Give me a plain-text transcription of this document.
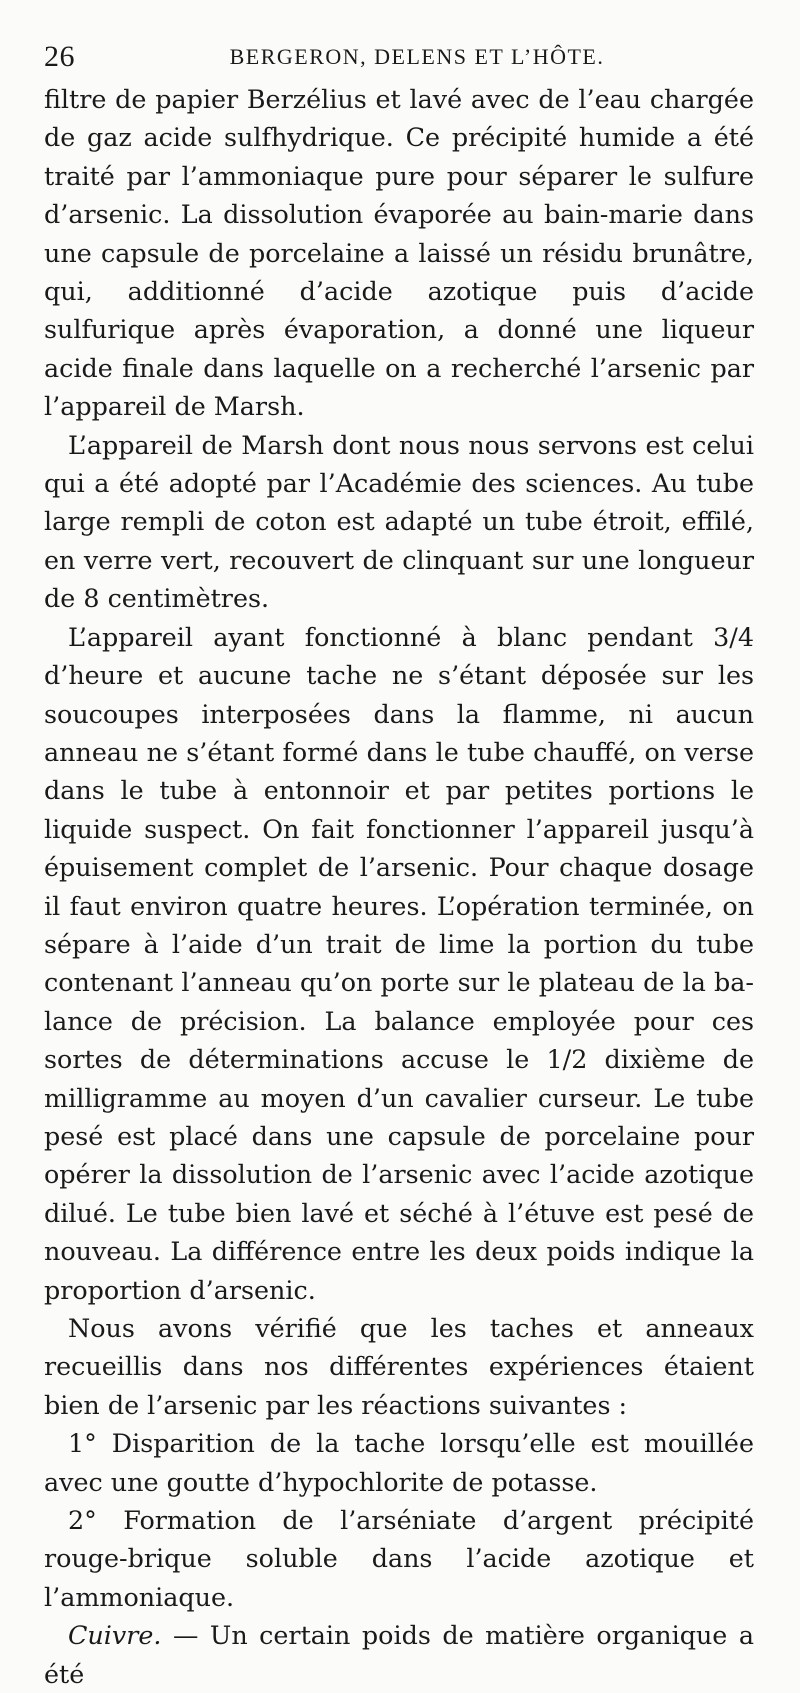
26	BERGERON, DELENS ET L’HÔTE.

filtre de papier Berzélius et lavé avec de l’eau chargée de gaz acide sulfhydrique. Ce précipité humide a été traité par l’ammoniaque pure pour séparer le sulfure d’arsenic. La dissolution évaporée au bain-marie dans une capsule de porcelaine a laissé un résidu brunâtre, qui, additionné d’acide azotique puis d’acide sulfurique après évaporation, a donné une liqueur acide finale dans laquelle on a recherché l’arsenic par l’appareil de Marsh.

L’appareil de Marsh dont nous nous servons est celui qui a été adopté par l’Académie des sciences. Au tube large rempli de coton est adapté un tube étroit, effilé, en verre vert, recouvert de clinquant sur une longueur de 8 centimètres.

L’appareil ayant fonctionné à blanc pendant 3/4 d’heure et aucune tache ne s’étant déposée sur les soucoupes interposées dans la flamme, ni aucun anneau ne s’étant formé dans le tube chauffé, on verse dans le tube à entonnoir et par petites portions le liquide suspect. On fait fonctionner l’appareil jusqu’à épuisement complet de l’arsenic. Pour chaque dosage il faut environ quatre heures. L’opération terminée, on sépare à l’aide d’un trait de lime la portion du tube contenant l’anneau qu’on porte sur le plateau de la balance de précision. La balance employée pour ces sortes de déterminations accuse le 1/2 dixième de milligramme au moyen d’un cavalier curseur. Le tube pesé est placé dans une capsule de porcelaine pour opérer la dissolution de l’arsenic avec l’acide azotique dilué. Le tube bien lavé et séché à l’étuve est pesé de nouveau. La différence entre les deux poids indique la proportion d’arsenic.

Nous avons vérifié que les taches et anneaux recueillis dans nos différentes expériences étaient bien de l’arsenic par les réactions suivantes :

1° Disparition de la tache lorsqu’elle est mouillée avec une goutte d’hypochlorite de potasse.

2° Formation de l’arséniate d’argent précipité rouge-brique soluble dans l’acide azotique et l’ammoniaque.

Cuivre. — Un certain poids de matière organique a été
